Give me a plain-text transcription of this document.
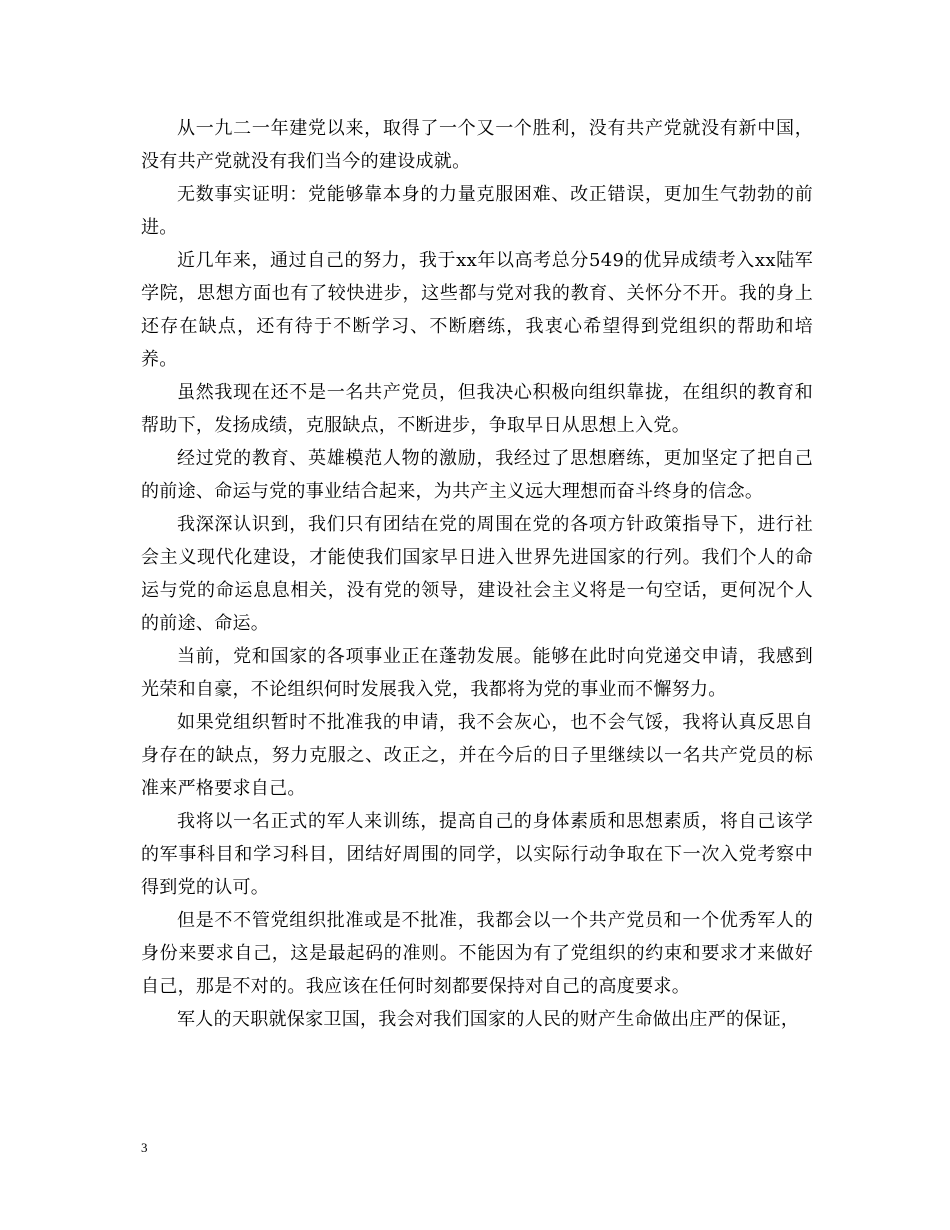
从一九二一年建党以来，取得了一个又一个胜利，没有共产党就没有新中国，没有共产党就没有我们当今的建设成就。

无数事实证明：党能够靠本身的力量克服困难、改正错误，更加生气勃勃的前进。

近几年来，通过自己的努力，我于xx年以高考总分549的优异成绩考入xx陆军学院，思想方面也有了较快进步，这些都与党对我的教育、关怀分不开。我的身上还存在缺点，还有待于不断学习、不断磨练，我衷心希望得到党组织的帮助和培养。

虽然我现在还不是一名共产党员，但我决心积极向组织靠拢，在组织的教育和帮助下，发扬成绩，克服缺点，不断进步，争取早日从思想上入党。

经过党的教育、英雄模范人物的激励，我经过了思想磨练，更加坚定了把自己的前途、命运与党的事业结合起来，为共产主义远大理想而奋斗终身的信念。

我深深认识到，我们只有团结在党的周围在党的各项方针政策指导下，进行社会主义现代化建设，才能使我们国家早日进入世界先进国家的行列。我们个人的命运与党的命运息息相关，没有党的领导，建设社会主义将是一句空话，更何况个人的前途、命运。

当前，党和国家的各项事业正在蓬勃发展。能够在此时向党递交申请，我感到光荣和自豪，不论组织何时发展我入党，我都将为党的事业而不懈努力。

如果党组织暂时不批准我的申请，我不会灰心，也不会气馁，我将认真反思自身存在的缺点，努力克服之、改正之，并在今后的日子里继续以一名共产党员的标准来严格要求自己。

我将以一名正式的军人来训练，提高自己的身体素质和思想素质，将自己该学的军事科目和学习科目，团结好周围的同学，以实际行动争取在下一次入党考察中得到党的认可。

但是不不管党组织批准或是不批准，我都会以一个共产党员和一个优秀军人的身份来要求自己，这是最起码的准则。不能因为有了党组织的约束和要求才来做好自己，那是不对的。我应该在任何时刻都要保持对自己的高度要求。

军人的天职就保家卫国，我会对我们国家的人民的财产生命做出庄严的保证，

3
